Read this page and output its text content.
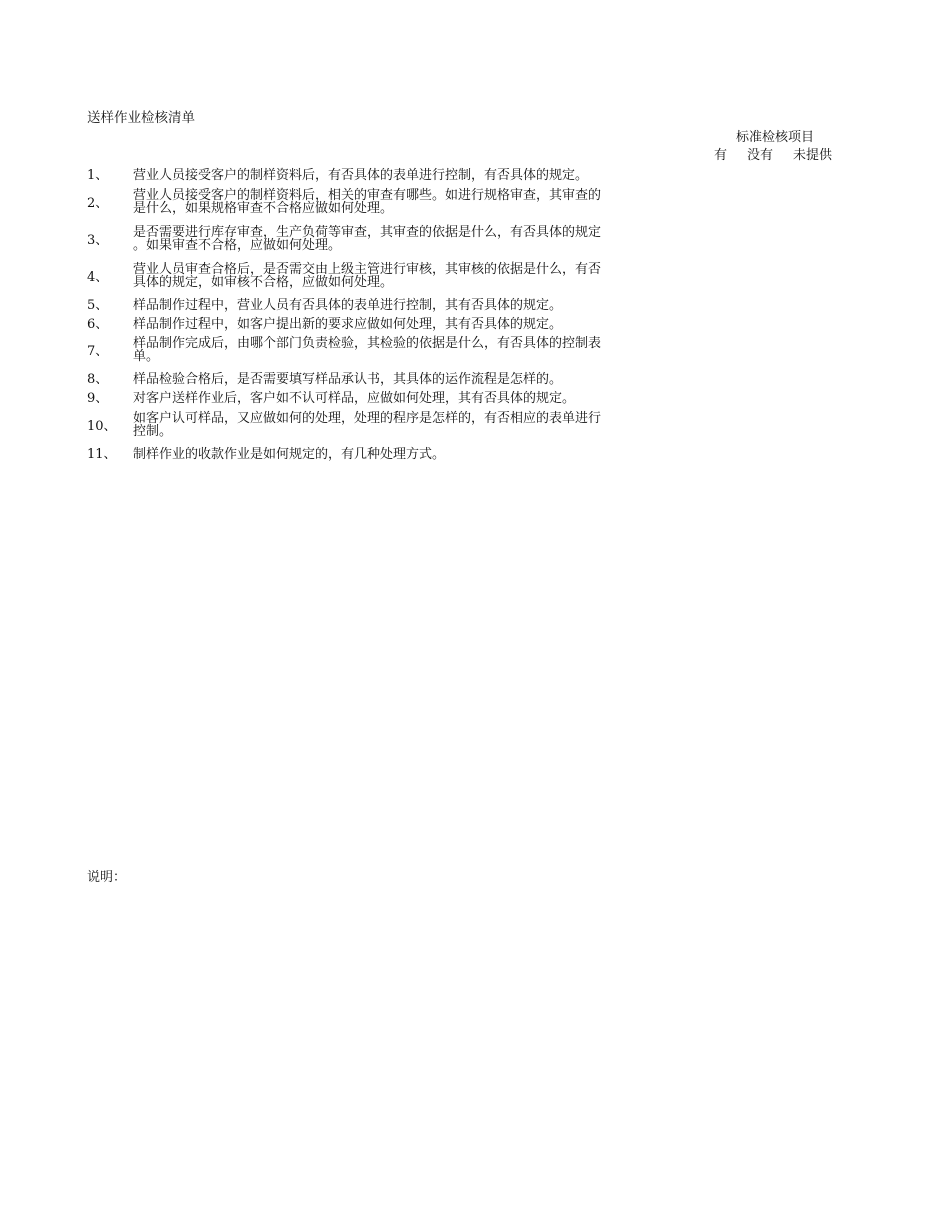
送样作业检核清单
标准检核项目
有 没有 未提供
1、 营业人员接受客户的制样资料后，有否具体的表单进行控制，有否具体的规定。
2、
营业人员接受客户的制样资料后，相关的审查有哪些。如进行规格审查，其审查的
是什么，如果规格审查不合格应做如何处理。
3、
是否需要进行库存审查，生产负荷等审查，其审查的依据是什么，有否具体的规定
。如果审查不合格，应做如何处理。
4、
营业人员审查合格后，是否需交由上级主管进行审核，其审核的依据是什么，有否
具体的规定，如审核不合格，应做如何处理。
5、 样品制作过程中，营业人员有否具体的表单进行控制，其有否具体的规定。
6、 样品制作过程中，如客户提出新的要求应做如何处理，其有否具体的规定。
7、
样品制作完成后，由哪个部门负责检验，其检验的依据是什么，有否具体的控制表
单。
8、 样品检验合格后，是否需要填写样品承认书，其具体的运作流程是怎样的。
9、 对客户送样作业后，客户如不认可样品，应做如何处理，其有否具体的规定。
10、
如客户认可样品，又应做如何的处理，处理的程序是怎样的，有否相应的表单进行
控制。
11、 制样作业的收款作业是如何规定的，有几种处理方式。
说明：
